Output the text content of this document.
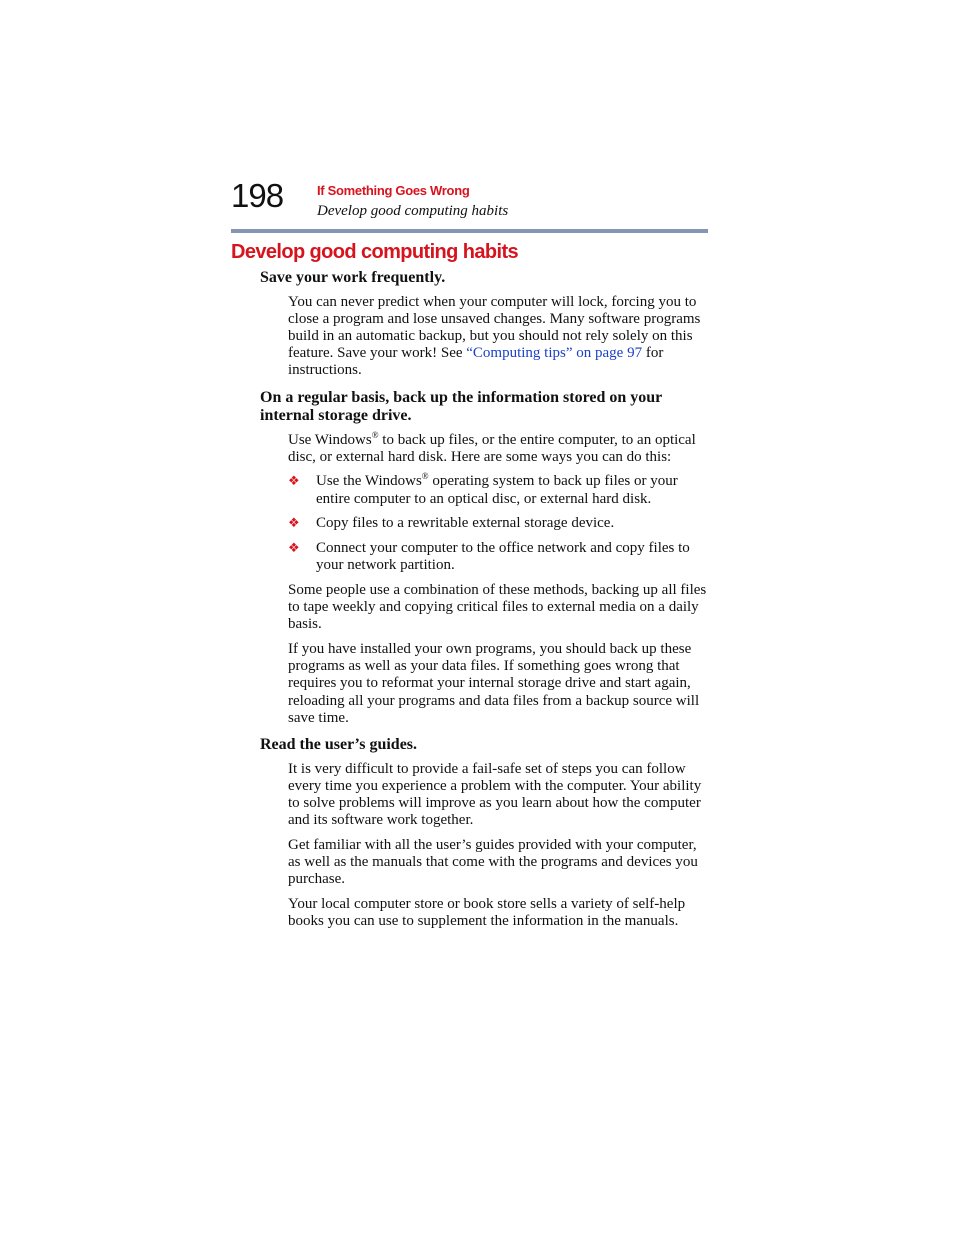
198	If Something Goes Wrong
Develop good computing habits
Develop good computing habits

Save your work frequently.

You can never predict when your computer will lock, forcing you to close a program and lose unsaved changes. Many software programs build in an automatic backup, but you should not rely solely on this feature. Save your work! See “Computing tips” on page 97 for instructions.

On a regular basis, back up the information stored on your internal storage drive.

Use Windows® to back up files, or the entire computer, to an optical disc, or external hard disk. Here are some ways you can do this:

❖ Use the Windows® operating system to back up files or your entire computer to an optical disc, or external hard disk.
❖ Copy files to a rewritable external storage device.
❖ Connect your computer to the office network and copy files to your network partition.

Some people use a combination of these methods, backing up all files to tape weekly and copying critical files to external media on a daily basis.

If you have installed your own programs, you should back up these programs as well as your data files. If something goes wrong that requires you to reformat your internal storage drive and start again, reloading all your programs and data files from a backup source will save time.

Read the user’s guides.

It is very difficult to provide a fail-safe set of steps you can follow every time you experience a problem with the computer. Your ability to solve problems will improve as you learn about how the computer and its software work together.

Get familiar with all the user’s guides provided with your computer, as well as the manuals that come with the programs and devices you purchase.

Your local computer store or book store sells a variety of self-help books you can use to supplement the information in the manuals.
